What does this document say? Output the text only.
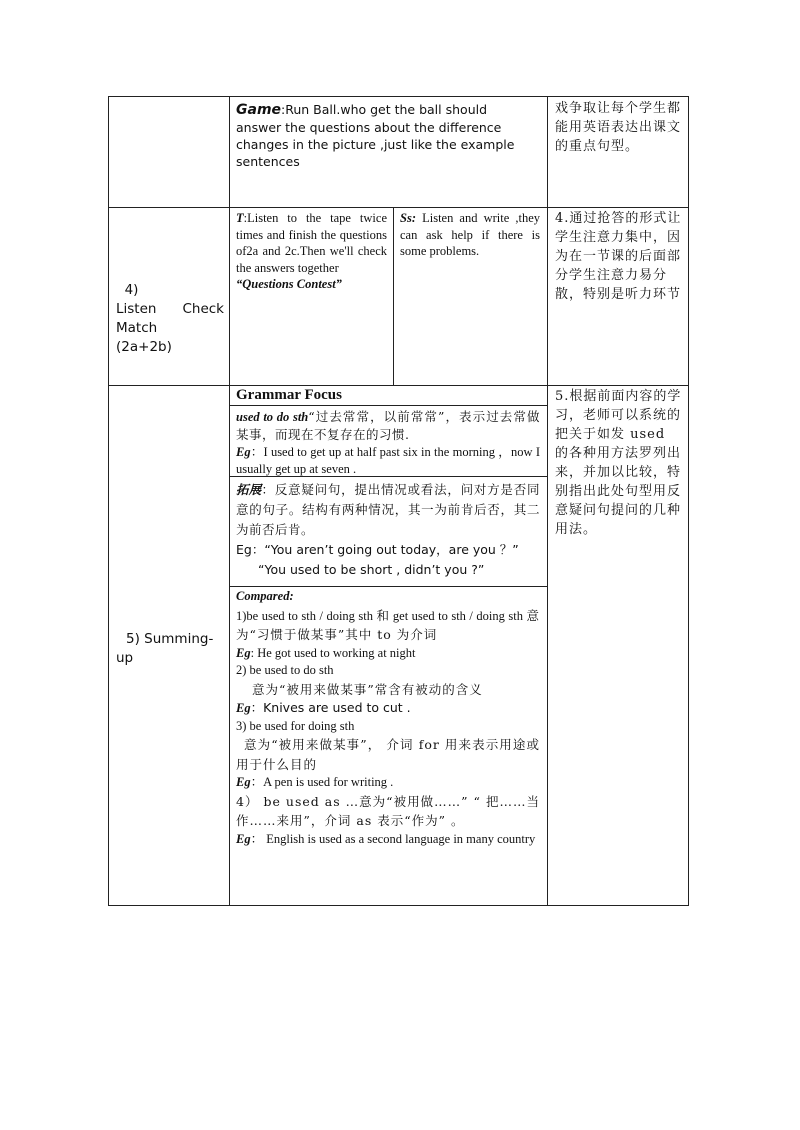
Game:Run Ball.who get the ball should answer the questions about the difference changes in the picture ,just like the example sentences
戏争取让每个学生都能用英语表达出课文的重点句型。

4)
Listen      Check Match
(2a+2b)

T:Listen to the tape twice times and finish the questions of2a and 2c.Then we'll check the answers together
“Questions Contest”
Ss: Listen and write ,they can ask help if there is some problems.
4.通过抢答的形式让学生注意力集中，因为在一节课的后面部分学生注意力易分散，特别是听力环节
5) Summing-up
Grammar Focus
used to do sth“过去常常，以前常常”，表示过去常做某事，而现在不复存在的习惯.
Eg：I used to get up at half past six in the morning ，now I usually get up at seven .
拓展：反意疑问句，提出情况或看法，问对方是否同意的句子。结构有两种情况，其一为前肯后否，其二为前否后肯。
Eg：“You aren’t going out today，are you ？”
“You used to be short , didn’t you ?”
Compared:
1)be used to sth / doing sth 和 get used to sth / doing sth 意为“习惯于做某事”其中 to 为介词
Eg: He got used to working at night
2) be used to do sth
意为“被用来做某事”常含有被动的含义
Eg：Knives are used to cut .
3) be used for doing sth
意为“被用来做某事”， 介词 for 用来表示用途或用于什么目的
Eg：A pen is used for writing .
4） be used as …意为“被用做……” “ 把……当作……来用”，介词 as 表示“作为” 。
Eg： English is used as a second language in many country
5.根据前面内容的学习，老师可以系统的把关于如发 used 的各种用方法罗列出来，并加以比较，特别指出此处句型用反意疑问句提问的几种用法。
